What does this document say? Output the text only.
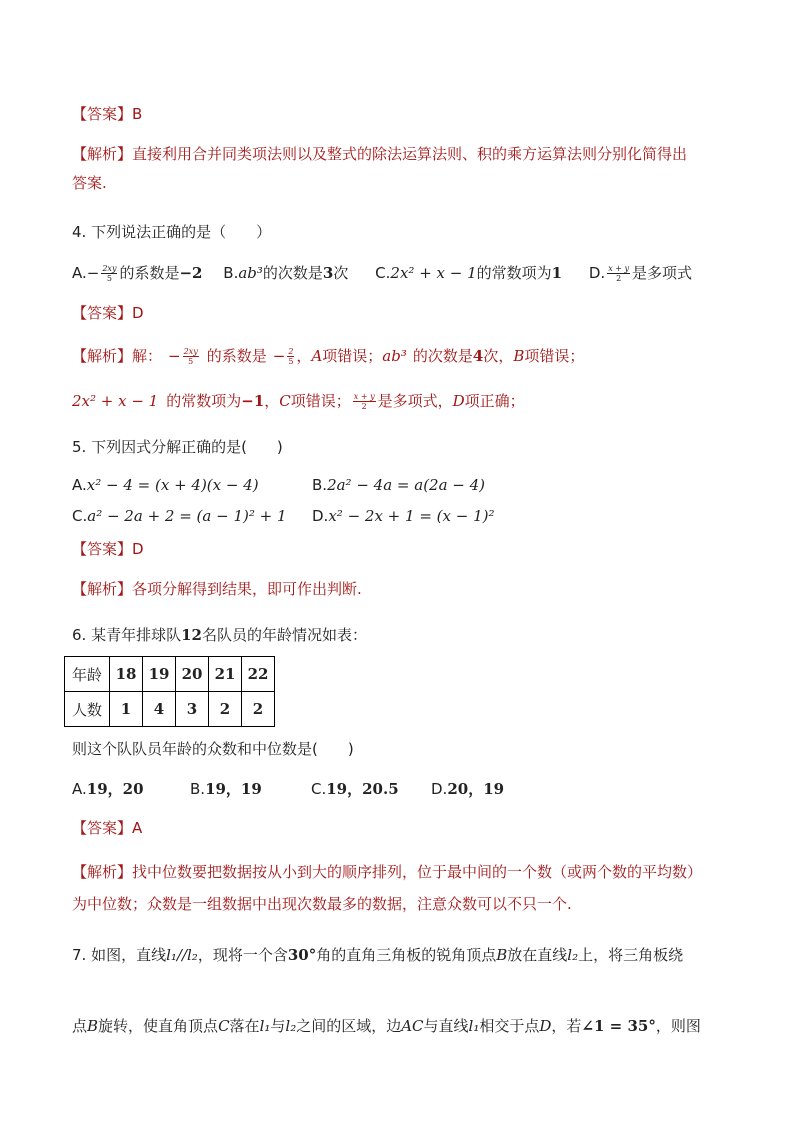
【答案】B
【解析】直接利用合并同类项法则以及整式的除法运算法则、积的乘方运算法则分别化简得出
答案.
4. 下列说法正确的是（　　）
$A.- \frac{2xy}{5}$ 的系数是−2 B.ab³的次数是3次 C.2x² + x − 1的常数项为1 D. $\frac{x + y}{2}$ 是多项式
【答案】D
【解析】解： − $\frac{2xy}{5}$ 的系数是 − $\frac{2}{5}$ ，A项错误；ab³ 的次数是4次，B项错误；
2x² + x − 1 的常数项为−1，C项错误； $\frac{x + y}{2}$ 是多项式，D项正确；
5. 下列因式分解正确的是(　　)
A.x² − 4 = (x + 4)(x − 4)	B.2a² − 4a = a(2a − 4)
C.a² − 2a + 2 = (a − 1)² + 1 D.x² − 2x + 1 = (x − 1)²
【答案】D
【解析】各项分解得到结果，即可作出判断.
6. 某青年排球队12名队员的年龄情况如表：
年龄	18	19	20	21	22
人数	1	4	3	2	2
则这个队队员年龄的众数和中位数是(　　)
A.19，20	B.19，19	C.19，20.5 D.20，19
【答案】A
【解析】找中位数要把数据按从小到大的顺序排列，位于最中间的一个数（或两个数的平均数）
为中位数；众数是一组数据中出现次数最多的数据，注意众数可以不只一个.
7. 如图，直线l₁//l₂，现将一个含30°角的直角三角板的锐角顶点B放在直线l₂上，将三角板绕
点B旋转，使直角顶点C落在l₁与l₂之间的区域，边AC与直线l₁相交于点D，若∠1 = 35°，则图
